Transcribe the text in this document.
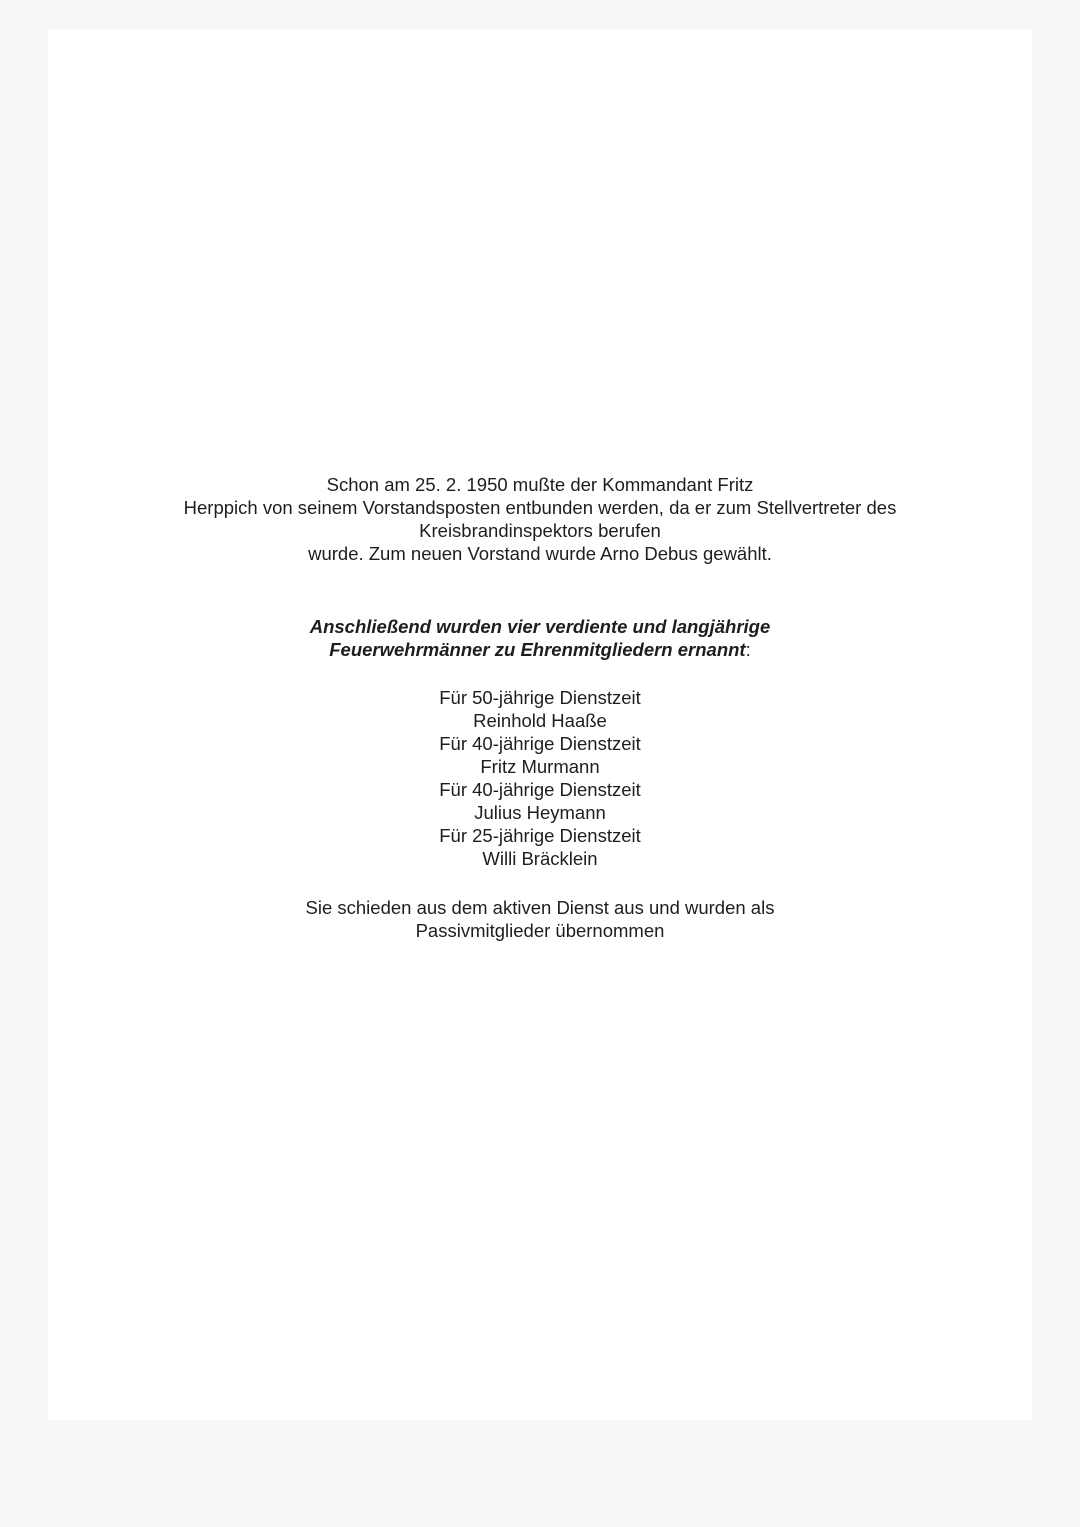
Schon am 25. 2. 1950 mußte der Kommandant Fritz
Herppich von seinem Vorstandsposten entbunden werden, da er zum Stellvertreter des
Kreisbrandinspektors berufen
wurde. Zum neuen Vorstand wurde Arno Debus gewählt.
Anschließend wurden vier verdiente und langjährige
Feuerwehrmänner zu Ehrenmitgliedern ernannt:
Für 50-jährige Dienstzeit
Reinhold Haaße
Für 40-jährige Dienstzeit
Fritz Murmann
Für 40-jährige Dienstzeit
Julius Heymann
Für 25-jährige Dienstzeit
Willi Bräcklein
Sie schieden aus dem aktiven Dienst aus und wurden als
Passivmitglieder übernommen
